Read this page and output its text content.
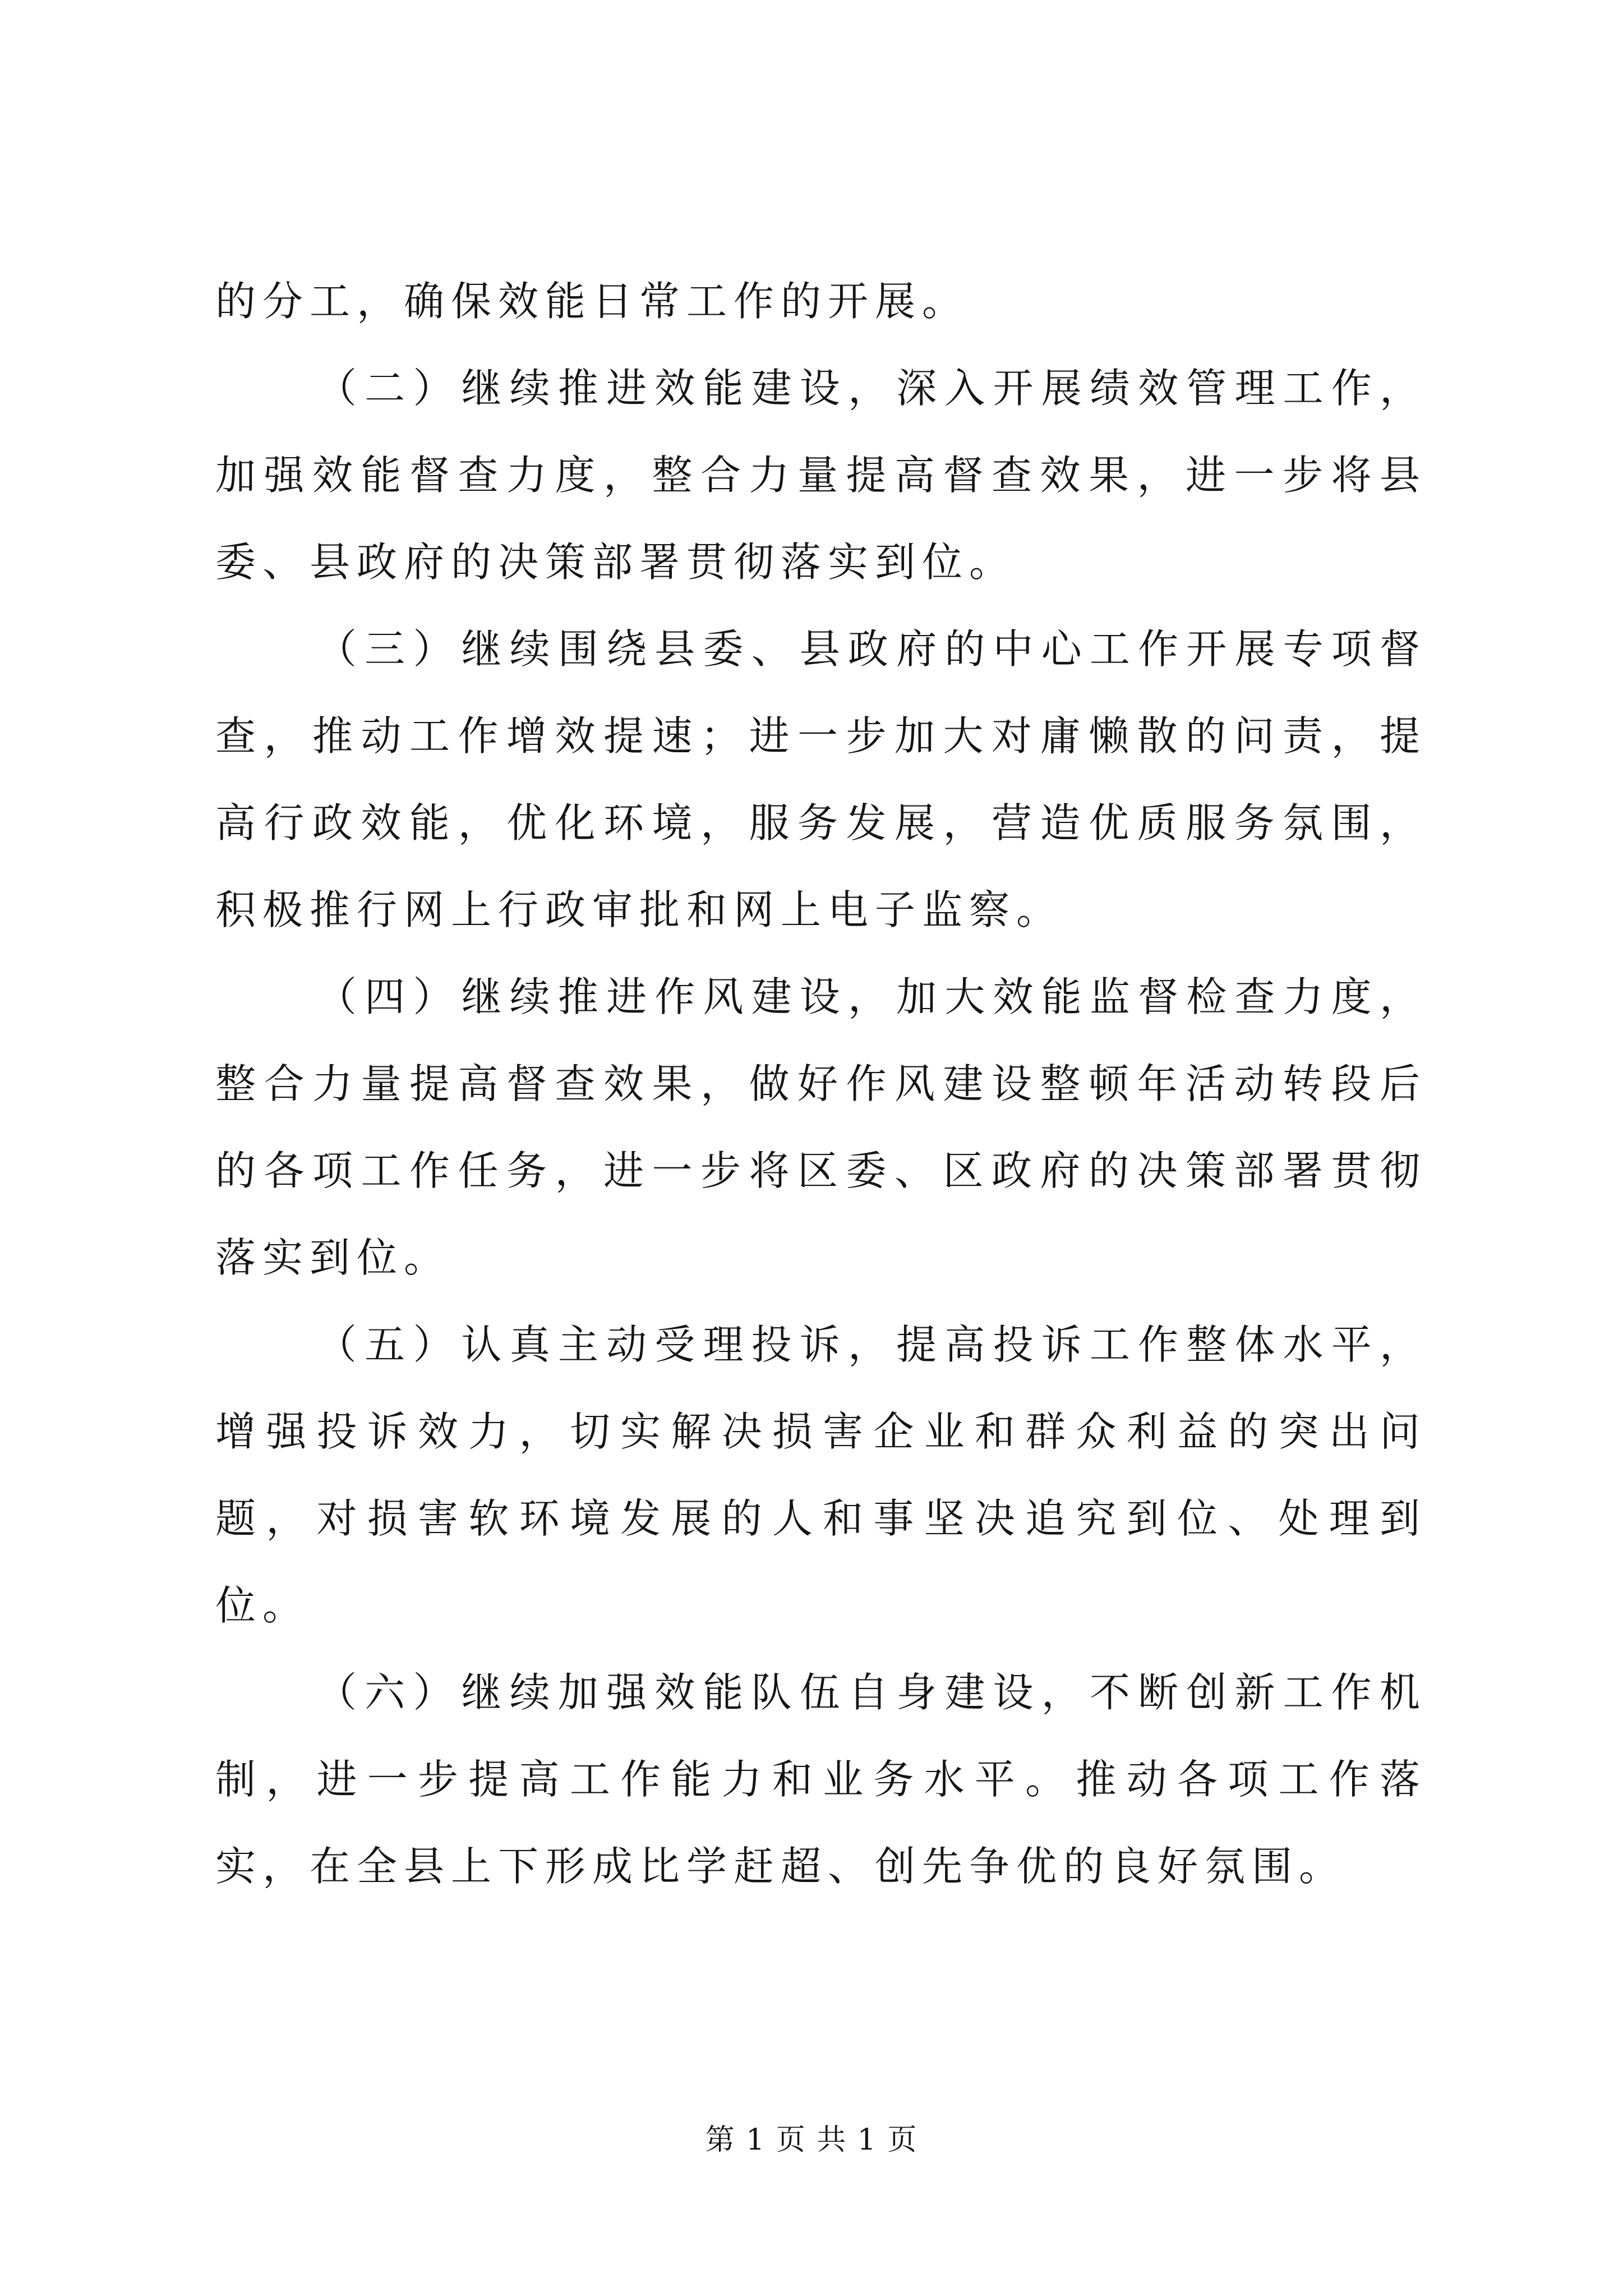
的分工，确保效能日常工作的开展。

（二）继续推进效能建设，深入开展绩效管理工作，加强效能督查力度，整合力量提高督查效果，进一步将县委、县政府的决策部署贯彻落实到位。

（三）继续围绕县委、县政府的中心工作开展专项督查，推动工作增效提速；进一步加大对庸懒散的问责，提高行政效能，优化环境，服务发展，营造优质服务氛围，积极推行网上行政审批和网上电子监察。

（四）继续推进作风建设，加大效能监督检查力度，整合力量提高督查效果，做好作风建设整顿年活动转段后的各项工作任务，进一步将区委、区政府的决策部署贯彻落实到位。

（五）认真主动受理投诉，提高投诉工作整体水平，增强投诉效力，切实解决损害企业和群众利益的突出问题，对损害软环境发展的人和事坚决追究到位、处理到位。

（六）继续加强效能队伍自身建设，不断创新工作机制，进一步提高工作能力和业务水平。推动各项工作落实，在全县上下形成比学赶超、创先争优的良好氛围。

第 1 页 共 1 页
